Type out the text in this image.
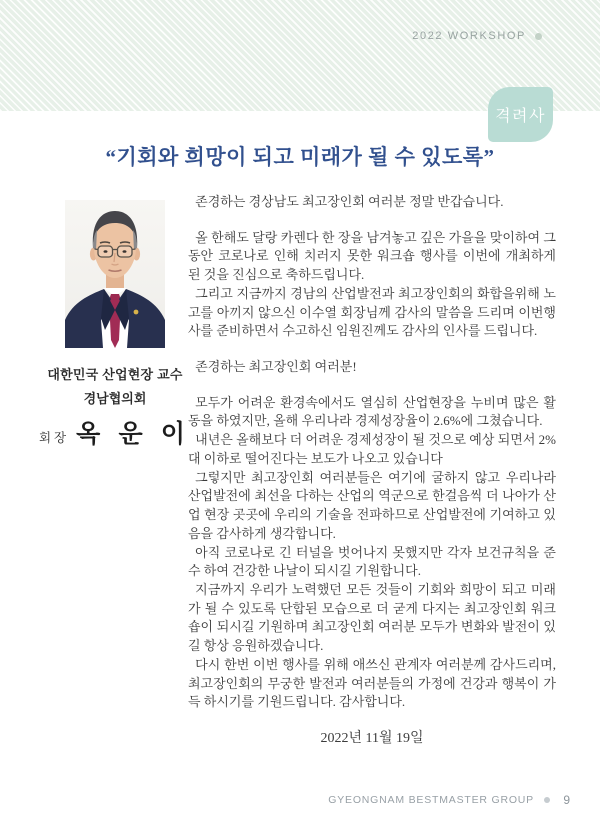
2022 WORKSHOP
격려사
“기회와 희망이 되고 미래가 될 수 있도록”
대한민국 산업현장 교수
경남협의회
회장 옥 운 이

존경하는 경상남도 최고장인회 여러분 정말 반갑습니다.

올 한해도 달랑 카렌다 한 장을 남겨놓고 깊은 가을을 맞이하여 그동안 코로나로 인해 치러지 못한 워크숍 행사를 이번에 개최하게 된 것을 진심으로 축하드립니다.

그리고 지금까지 경남의 산업발전과 최고장인회의 화합을위해 노고를 아끼지 않으신 이수열 회장님께 감사의 말씀을 드리며 이번행사를 준비하면서 수고하신 임원진께도 감사의 인사를 드립니다.

존경하는 최고장인회 여러분!

모두가 어려운 환경속에서도 열심히 산업현장을 누비며 많은 활동을 하였지만, 올해 우리나라 경제성장율이 2.6%에 그쳤습니다.

내년은 올해보다 더 어려운 경제성장이 될 것으로 예상 되면서 2%대 이하로 떨어진다는 보도가 나오고 있습니다

그렇지만 최고장인회 여러분들은 여기에 굴하지 않고 우리나라 산업발전에 최선을 다하는 산업의 역군으로 한걸음씩 더 나아가 산업 현장 곳곳에 우리의 기술을 전파하므로 산업발전에 기여하고 있음을 감사하게 생각합니다.

아직 코로나로 긴 터널을 벗어나지 못했지만 각자 보건규칙을 준수 하여 건강한 나날이 되시길 기원합니다.

지금까지 우리가 노력했던 모든 것들이 기회와 희망이 되고 미래가 될 수 있도록 단합된 모습으로 더 굳게 다지는 최고장인회 워크숍이 되시길 기원하며 최고장인회 여러분 모두가 변화와 발전이 있길 항상 응원하겠습니다.

다시 한번 이번 행사를 위해 애쓰신 관계자 여러분께 감사드리며, 최고장인회의 무궁한 발전과 여러분들의 가정에 건강과 행복이 가득 하시기를 기원드립니다. 감사합니다.

2022년 11월 19일
GYEONGNAM BESTMASTER GROUP 9
